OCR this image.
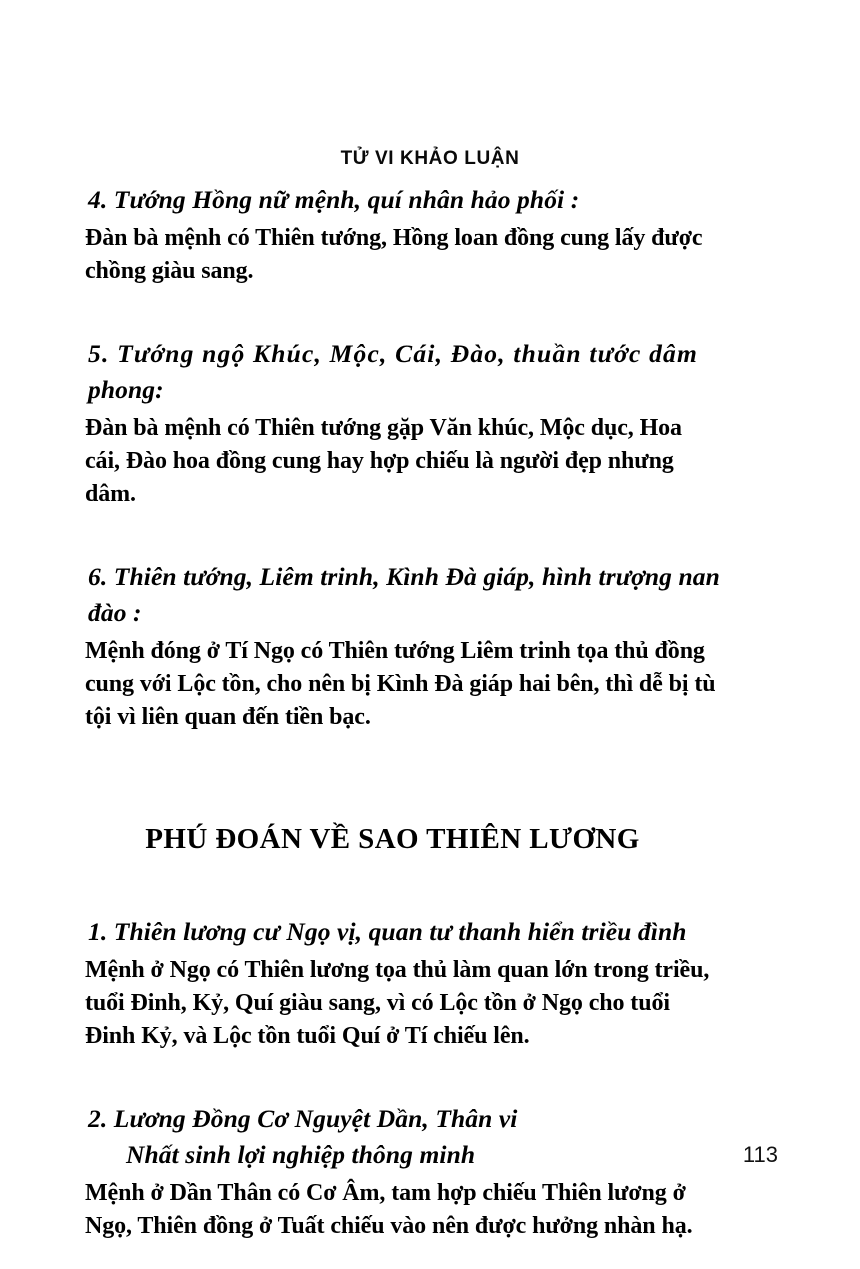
TỬ VI KHẢO LUẬN
4. Tướng Hồng nữ mệnh, quí nhân hảo phối :

Đàn bà mệnh có Thiên tướng, Hồng loan đồng cung lấy được
chồng giàu sang.

5. Tướng ngộ Khúc, Mộc, Cái, Đào, thuần tước dâm
phong:

Đàn bà mệnh có Thiên tướng gặp Văn khúc, Mộc dục, Hoa
cái, Đào hoa đồng cung hay hợp chiếu là người đẹp nhưng
dâm.

6. Thiên tướng, Liêm trinh, Kình Đà giáp, hình trượng nan
đào :

Mệnh đóng ở Tí Ngọ có Thiên tướng Liêm trinh tọa thủ đồng
cung với Lộc tồn, cho nên bị Kình Đà giáp hai bên, thì dễ bị tù
tội vì liên quan đến tiền bạc.

PHÚ ĐOÁN VỀ SAO THIÊN LƯƠNG
1. Thiên lương cư Ngọ vị, quan tư thanh hiển triều đình

Mệnh ở Ngọ có Thiên lương tọa thủ làm quan lớn trong triều,
tuổi Đinh, Kỷ, Quí giàu sang, vì có Lộc tồn ở Ngọ cho tuổi
Đinh Kỷ, và Lộc tồn tuổi Quí ở Tí chiếu lên.

2. Lương Đồng Cơ Nguyệt Dần, Thân vi
Nhất sinh lợi nghiệp thông minh

Mệnh ở Dần Thân có Cơ Âm, tam hợp chiếu Thiên lương ở
Ngọ, Thiên đồng ở Tuất chiếu vào nên được hưởng nhàn hạ.

113
